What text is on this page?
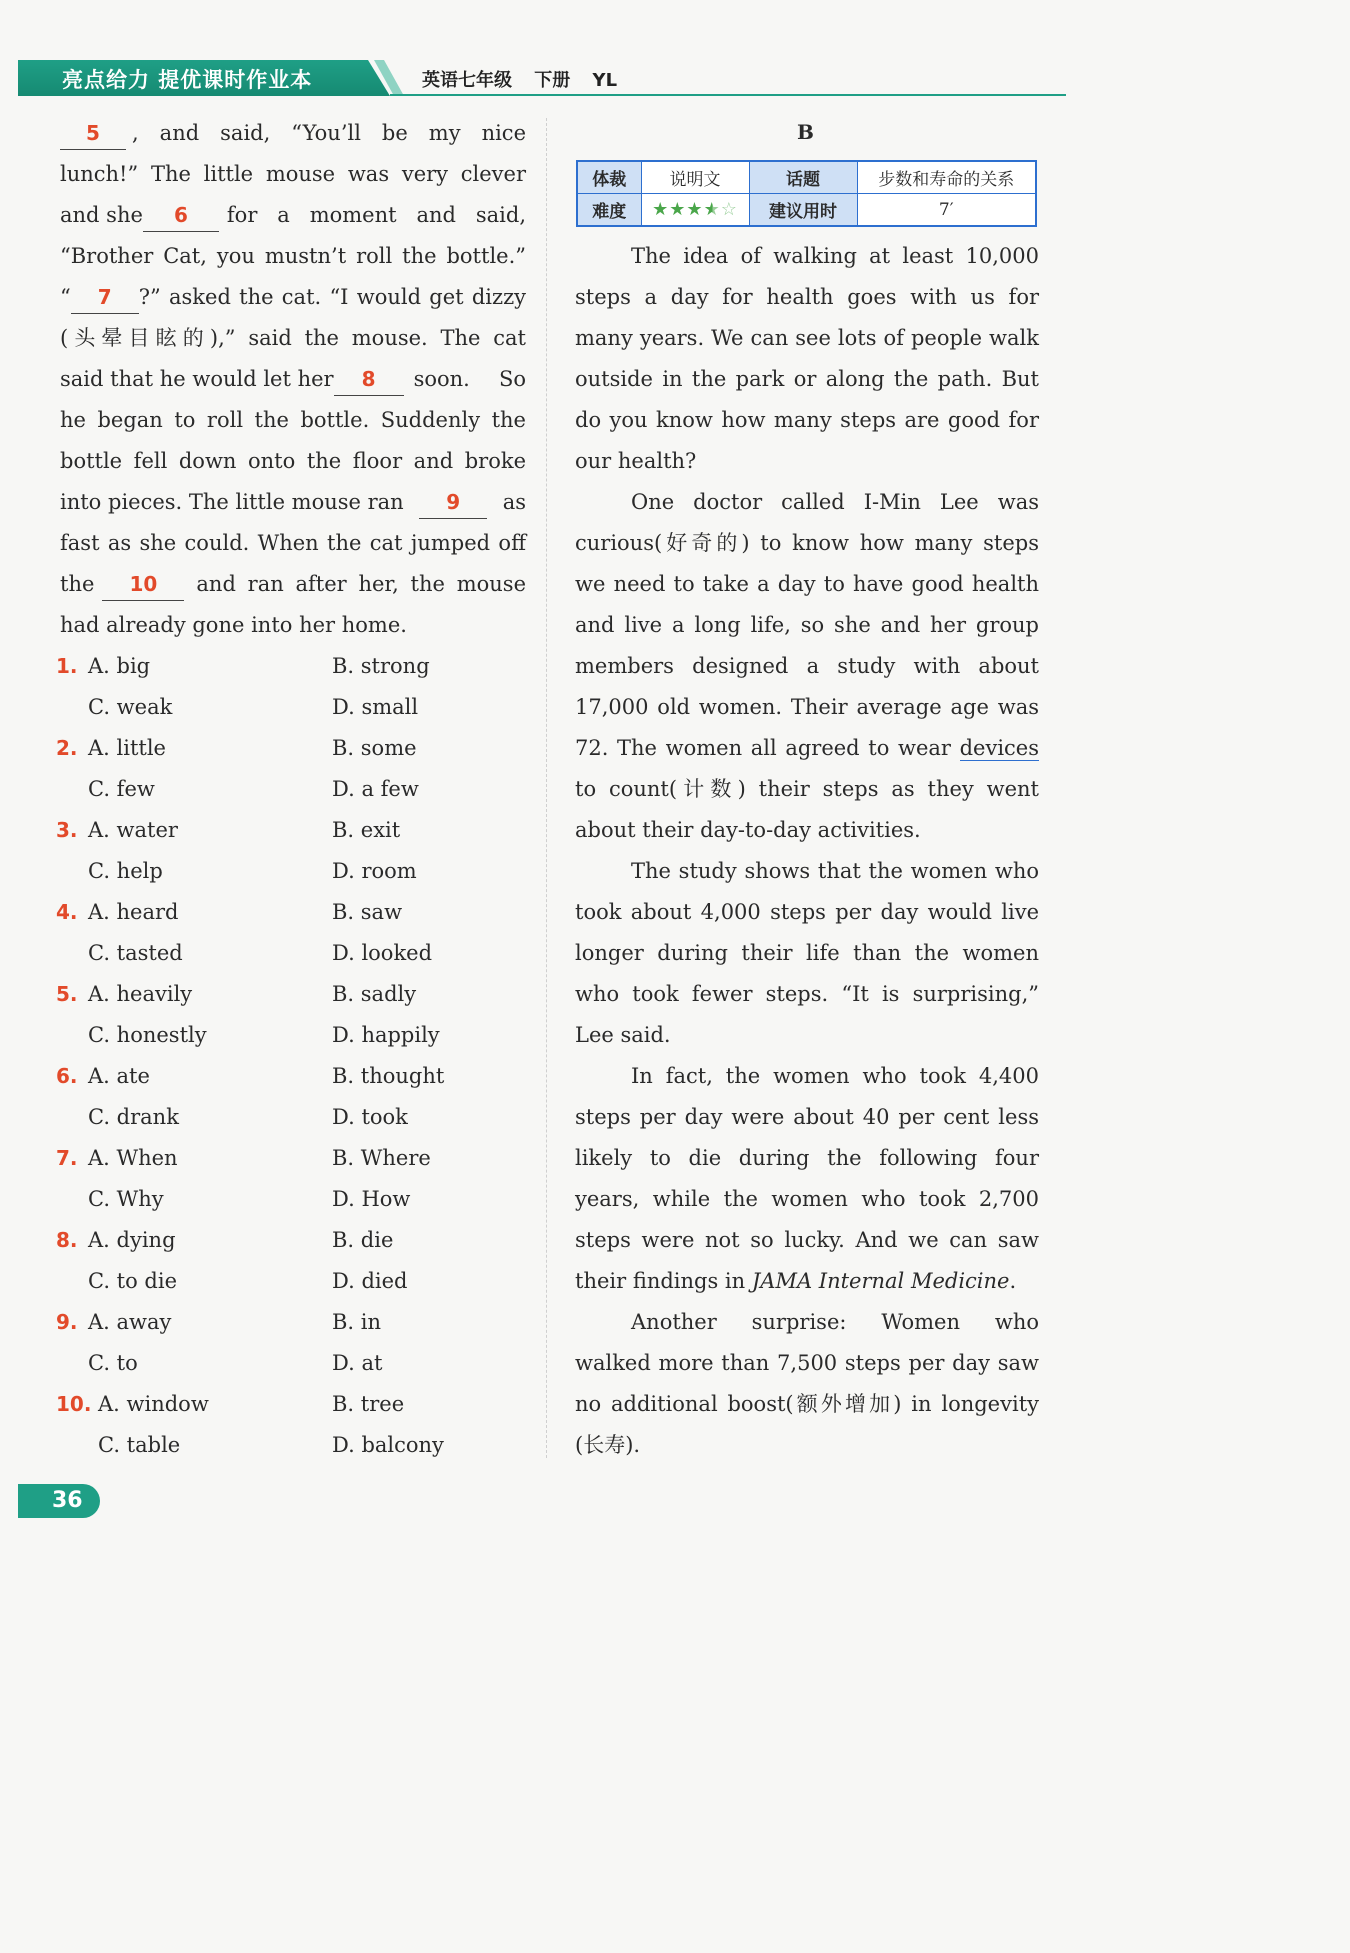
亮点给力 提优课时作业本	英语七年级 下册 YL
5	, and said, “You’ll be my nice
lunch!” The little mouse was very clever
and she	6	for a moment and said,
“Brother Cat, you mustn’t roll the bottle.”
“	7	?” asked the cat. “I would get dizzy
(头晕目眩的),” said the mouse. The cat
said that he would let her	8	soon. So
he began to roll the bottle. Suddenly the
bottle fell down onto the floor and broke
into pieces. The little mouse ran	9	as
fast as she could. When the cat jumped off
the	10	and ran after her, the mouse
had already gone into her home.
1. A. big	B. strong
C. weak	D. small
2. A. little	B. some
C. few	D. a few
3. A. water	B. exit
C. help	D. room
4. A. heard	B. saw
C. tasted	D. looked
5. A. heavily	B. sadly
C. honestly	D. happily
6. A. ate	B. thought
C. drank	D. took
7. A. When	B. Where
C. Why	D. How
8. A. dying	B. die
C. to die	D. died
9. A. away	B. in
C. to	D. at
10. A. window	B. tree
C. table	D. balcony
B
体裁	说明文	话题	步数和寿命的关系
难度	★★★★☆	建议用时	7′
The idea of walking at least 10,000
steps a day for health goes with us for
many years. We can see lots of people walk
outside in the park or along the path. But
do you know how many steps are good for
our health?
One doctor called I-Min Lee was
curious(好奇的) to know how many steps
we need to take a day to have good health
and live a long life, so she and her group
members designed a study with about
17,000 old women. Their average age was
72. The women all agreed to wear devices
to count(计数) their steps as they went
about their day-to-day activities.
The study shows that the women who
took about 4,000 steps per day would live
longer during their life than the women
who took fewer steps. “It is surprising,”
Lee said.
In fact, the women who took 4,400
steps per day were about 40 per cent less
likely to die during the following four
years, while the women who took 2,700
steps were not so lucky. And we can saw
their findings in JAMA Internal Medicine.
Another surprise: Women who
walked more than 7,500 steps per day saw
no additional boost(额外增加) in longevity
(长寿).
36
